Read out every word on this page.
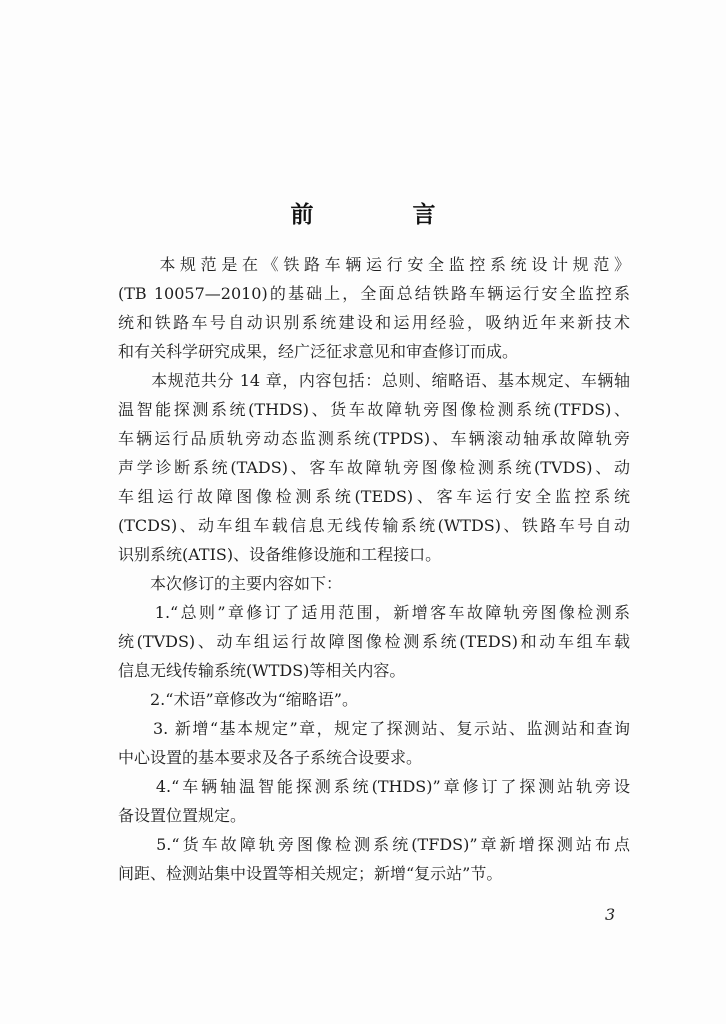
前　言
　　本规范是在《铁路车辆运行安全监控系统设计规范》
(TB 10057—2010)的基础上，全面总结铁路车辆运行安全监控系
统和铁路车号自动识别系统建设和运用经验，吸纳近年来新技术
和有关科学研究成果，经广泛征求意见和审查修订而成。
　　本规范共分 14 章，内容包括：总则、缩略语、基本规定、车辆轴
温智能探测系统(THDS)、货车故障轨旁图像检测系统(TFDS)、
车辆运行品质轨旁动态监测系统(TPDS)、车辆滚动轴承故障轨旁
声学诊断系统(TADS)、客车故障轨旁图像检测系统(TVDS)、动
车组运行故障图像检测系统(TEDS)、客车运行安全监控系统
(TCDS)、动车组车载信息无线传输系统(WTDS)、铁路车号自动
识别系统(ATIS)、设备维修设施和工程接口。
　　本次修订的主要内容如下：
　　1.“总则”章修订了适用范围，新增客车故障轨旁图像检测系
统(TVDS)、动车组运行故障图像检测系统(TEDS)和动车组车载
信息无线传输系统(WTDS)等相关内容。
　　2.“术语”章修改为“缩略语”。
　　3. 新增“基本规定”章，规定了探测站、复示站、监测站和查询
中心设置的基本要求及各子系统合设要求。
　　4.“车辆轴温智能探测系统(THDS)”章修订了探测站轨旁设
备设置位置规定。
　　5.“货车故障轨旁图像检测系统(TFDS)”章新增探测站布点
间距、检测站集中设置等相关规定；新增“复示站”节。
3
